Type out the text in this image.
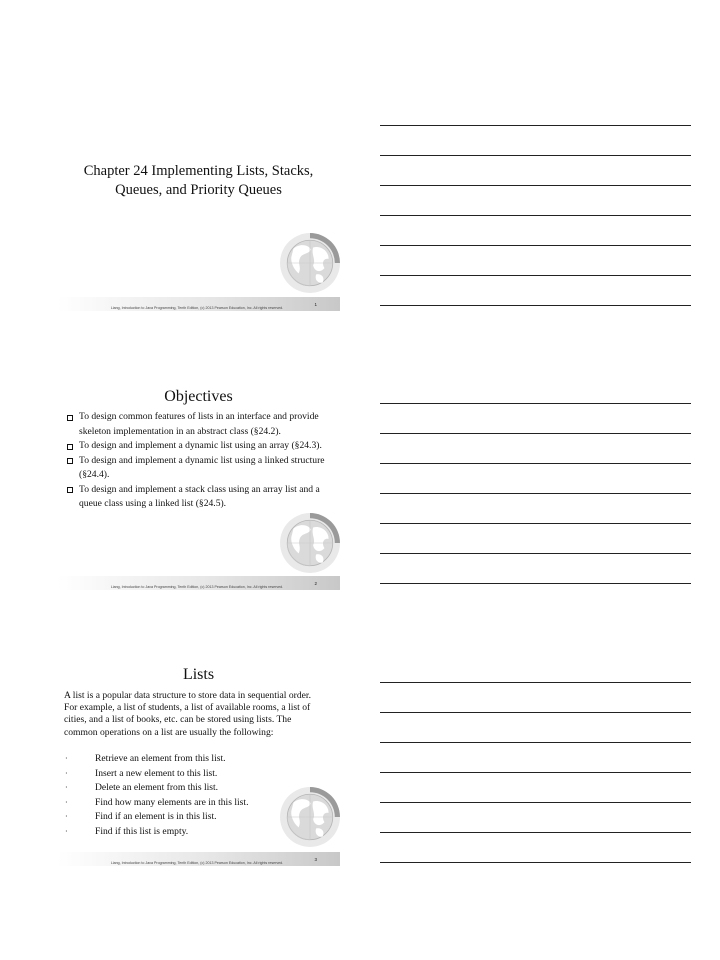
Chapter 24 Implementing Lists, Stacks, Queues, and Priority Queues
Liang, Introduction to Java Programming, Tenth Edition, (c) 2013 Pearson Education, Inc. All rights reserved.
1
Objectives
To design common features of lists in an interface and provide skeleton implementation in an abstract class (§24.2).
To design and implement a dynamic list using an array (§24.3).
To design and implement a dynamic list using a linked structure (§24.4).
To design and implement a stack class using an array list and a queue class using a linked list (§24.5).
Liang, Introduction to Java Programming, Tenth Edition, (c) 2013 Pearson Education, Inc. All rights reserved.
2
Lists

A list is a popular data structure to store data in sequential order. For example, a list of students, a list of available rooms, a list of cities, and a list of books, etc. can be stored using lists. The common operations on a list are usually the following:

·	Retrieve an element from this list.
·	Insert a new element to this list.
·	Delete an element from this list.
·	Find how many elements are in this list.
·	Find if an element is in this list.
·	Find if this list is empty.
Liang, Introduction to Java Programming, Tenth Edition, (c) 2013 Pearson Education, Inc. All rights reserved.
3
